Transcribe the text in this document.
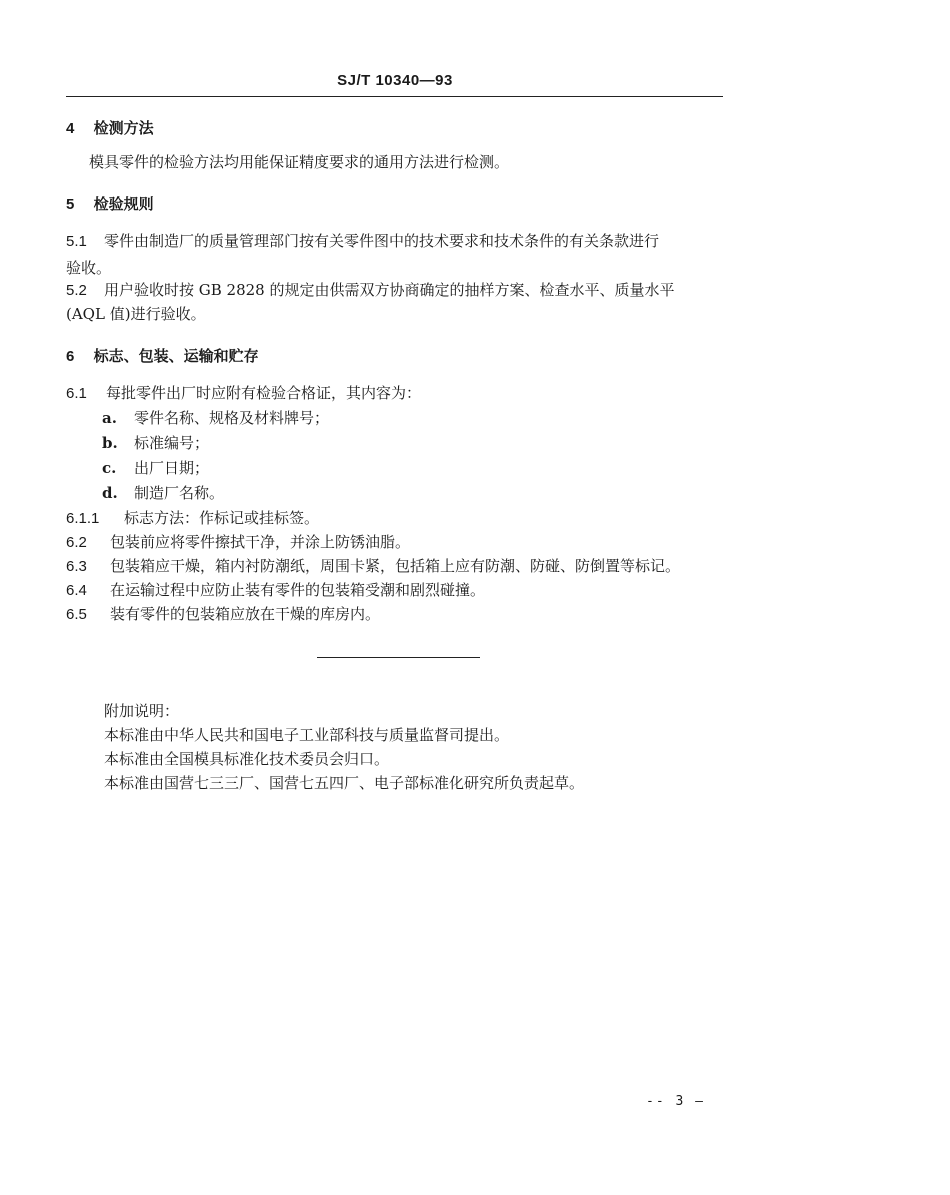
SJ/T 10340—93
4 检测方法
模具零件的检验方法均用能保证精度要求的通用方法进行检测。
5 检验规则
5.1 零件由制造厂的质量管理部门按有关零件图中的技术要求和技术条件的有关条款进行
验收。
5.2 用户验收时按 GB 2828 的规定由供需双方协商确定的抽样方案、检查水平、质量水平
(AQL 值)进行验收。
6 标志、包装、运输和贮存
6.1 每批零件出厂时应附有检验合格证，其内容为：
a. 零件名称、规格及材料牌号；
b. 标准编号；
c. 出厂日期；
d. 制造厂名称。
6.1.1 标志方法：作标记或挂标签。
6.2 包装前应将零件擦拭干净，并涂上防锈油脂。
6.3 包装箱应干燥，箱内衬防潮纸，周围卡紧，包括箱上应有防潮、防碰、防倒置等标记。
6.4 在运输过程中应防止装有零件的包装箱受潮和剧烈碰撞。
6.5 装有零件的包装箱应放在干燥的库房内。
附加说明：
本标准由中华人民共和国电子工业部科技与质量监督司提出。
本标准由全国模具标准化技术委员会归口。
本标准由国营七三三厂、国营七五四厂、电子部标准化研究所负责起草。
-- 3 —
